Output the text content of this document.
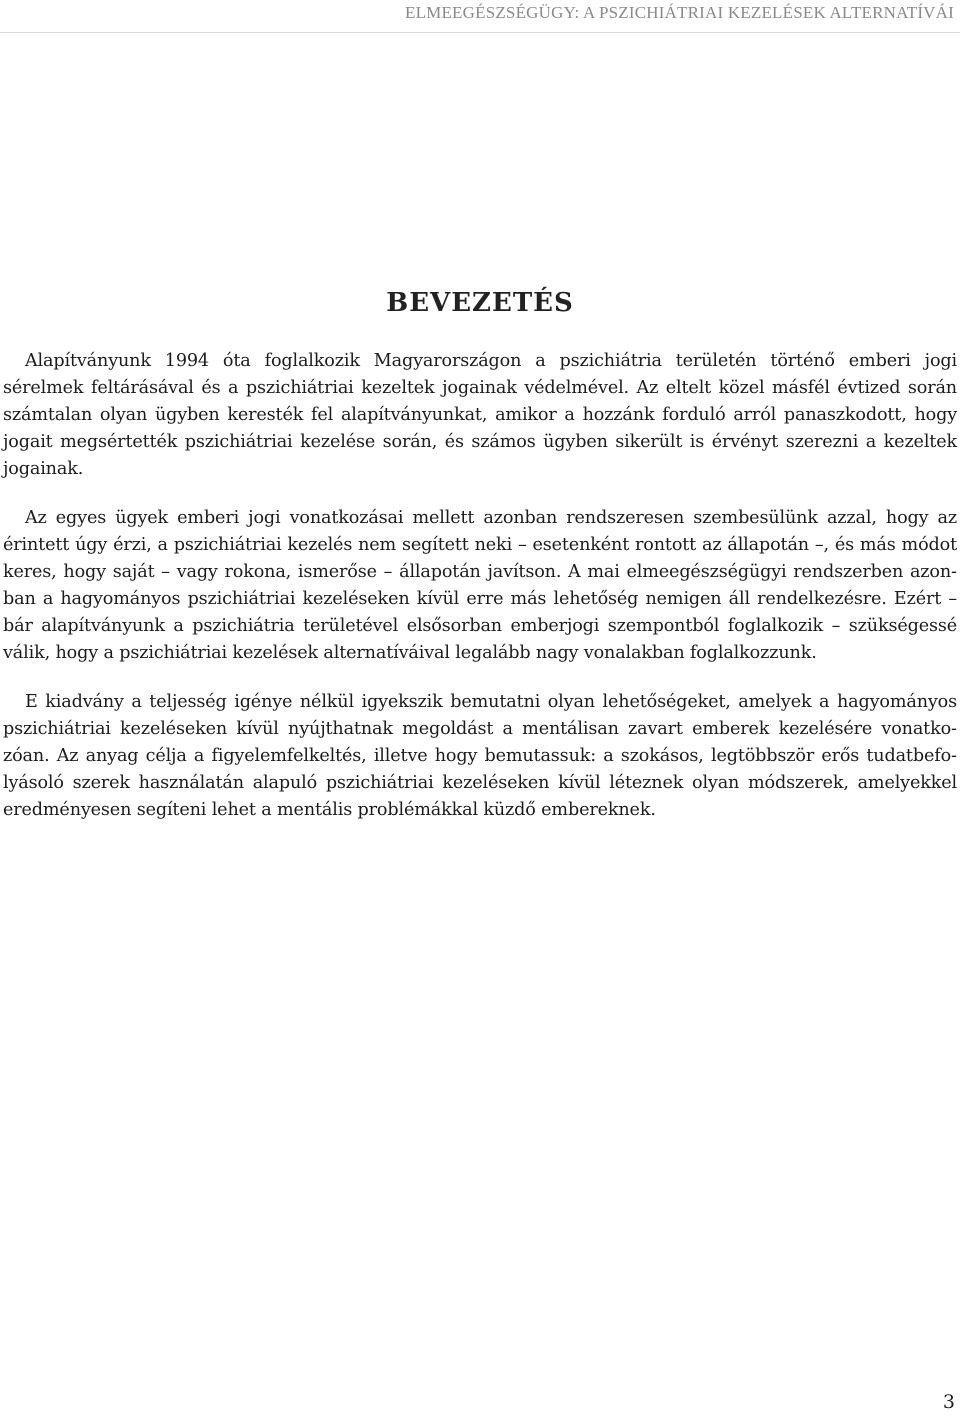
ELMEEGÉSZSÉGÜGY: A PSZICHIÁTRIAI KEZELÉSEK ALTERNATÍVÁI
BEVEZETÉS

Alapítványunk 1994 óta foglalkozik Magyarországon a pszichiátria területén történő emberi jogi sérelmek feltárásával és a pszichiátriai kezeltek jogainak védelmével. Az eltelt közel másfél évtized során számtalan olyan ügyben keresték fel alapítványunkat, amikor a hozzánk forduló arról panaszkodott, hogy jogait megsértették pszichiátriai kezelése során, és számos ügyben sikerült is érvényt szerezni a kezeltek jogainak.

Az egyes ügyek emberi jogi vonatkozásai mellett azonban rendszeresen szembesülünk azzal, hogy az érintett úgy érzi, a pszichiátriai kezelés nem segített neki – esetenként rontott az állapotán –, és más módot keres, hogy saját – vagy rokona, ismerőse – állapotán javítson. A mai elmeegészségügyi rendszerben azonban a hagyományos pszichiátriai kezeléseken kívül erre más lehetőség nemigen áll rendelkezésre. Ezért – bár alapítványunk a pszichiátria területével elsősorban emberjogi szempontból foglalkozik – szükségessé válik, hogy a pszichiátriai kezelések alternatíváival legalább nagy vonalakban foglalkozzunk.

E kiadvány a teljesség igénye nélkül igyekszik bemutatni olyan lehetőségeket, amelyek a hagyományos pszichiátriai kezeléseken kívül nyújthatnak megoldást a mentálisan zavart emberek kezelésére vonatkozóan. Az anyag célja a figyelemfelkeltés, illetve hogy bemutassuk: a szokásos, legtöbbször erős tudatbefolyásoló szerek használatán alapuló pszichiátriai kezeléseken kívül léteznek olyan módszerek, amelyekkel eredményesen segíteni lehet a mentális problémákkal küzdő embereknek.

3
